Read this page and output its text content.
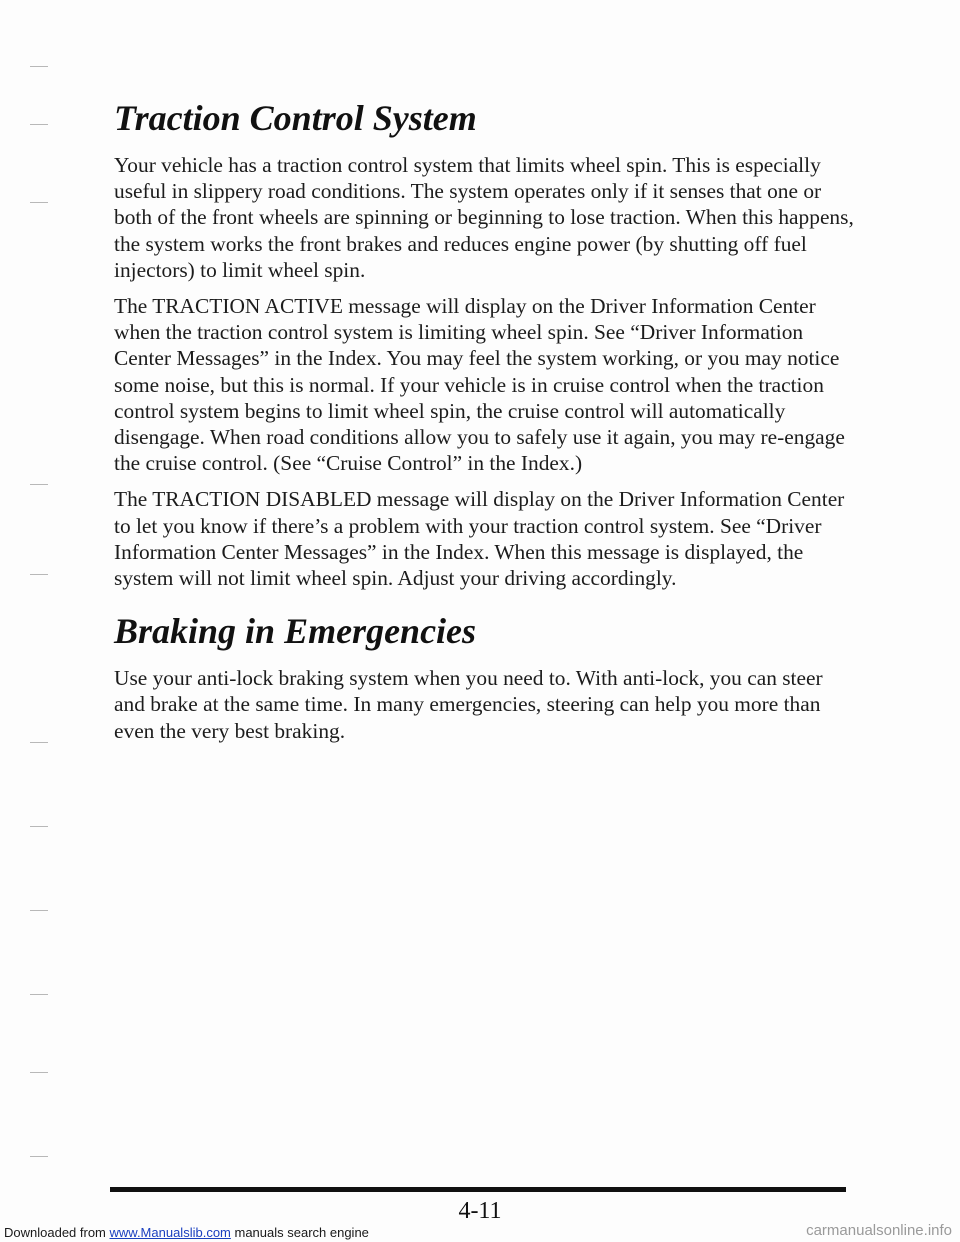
Traction Control System

Your vehicle has a traction control system that limits wheel spin. This is especially useful in slippery road conditions. The system operates only if it senses that one or both of the front wheels are spinning or beginning to lose traction. When this happens, the system works the front brakes and reduces engine power (by shutting off fuel injectors) to limit wheel spin.

The TRACTION ACTIVE message will display on the Driver Information Center when the traction control system is limiting wheel spin. See “Driver Information Center Messages” in the Index. You may feel the system working, or you may notice some noise, but this is normal. If your vehicle is in cruise control when the traction control system begins to limit wheel spin, the cruise control will automatically disengage. When road conditions allow you to safely use it again, you may re-engage the cruise control. (See “Cruise Control” in the Index.)

The TRACTION DISABLED message will display on the Driver Information Center to let you know if there’s a problem with your traction control system. See “Driver Information Center Messages” in the Index. When this message is displayed, the system will not limit wheel spin. Adjust your driving accordingly.

Braking in Emergencies

Use your anti-lock braking system when you need to. With anti-lock, you can steer and brake at the same time. In many emergencies, steering can help you more than even the very best braking.

4-11
Downloaded from www.Manualslib.com manuals search engine	carmanualsonline.info
